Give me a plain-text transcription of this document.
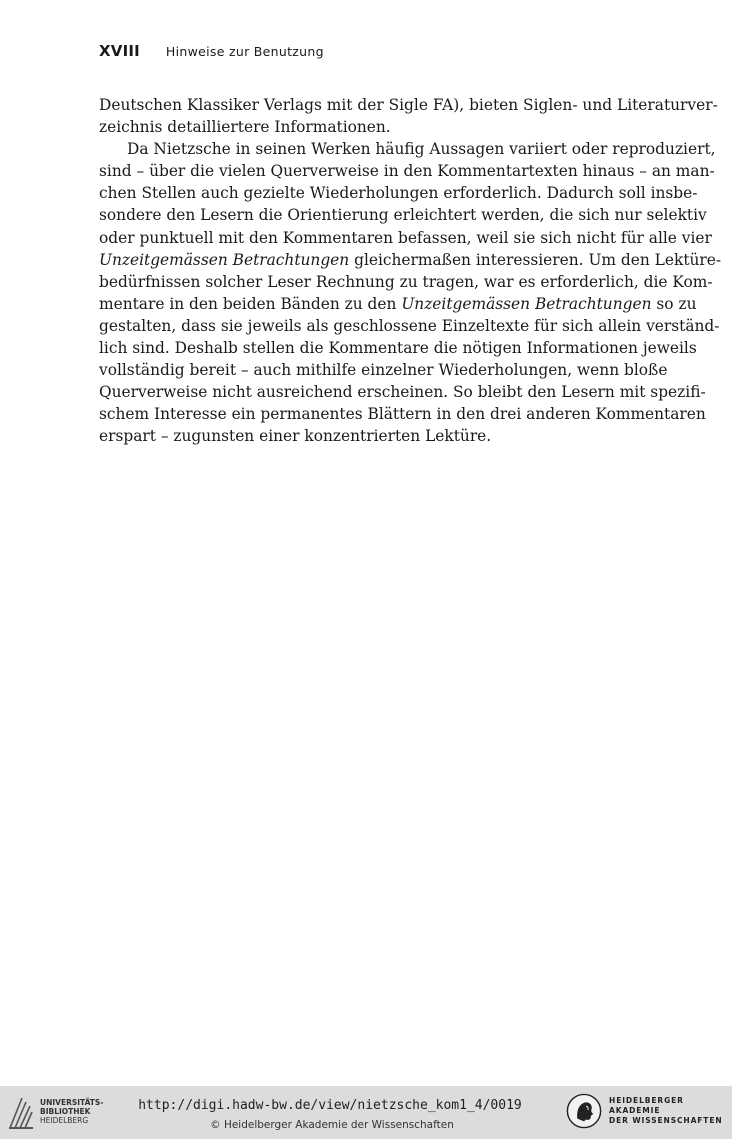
XVIII Hinweise zur Benutzung
Deutschen Klassiker Verlags mit der Sigle FA), bieten Siglen- und Literaturver-
zeichnis detailliertere Informationen.
Da Nietzsche in seinen Werken häufig Aussagen variiert oder reproduziert,
sind – über die vielen Querverweise in den Kommentartexten hinaus – an man-
chen Stellen auch gezielte Wiederholungen erforderlich. Dadurch soll insbe-
sondere den Lesern die Orientierung erleichtert werden, die sich nur selektiv
oder punktuell mit den Kommentaren befassen, weil sie sich nicht für alle vier
Unzeitgemässen Betrachtungen gleichermaßen interessieren. Um den Lektüre-
bedürfnissen solcher Leser Rechnung zu tragen, war es erforderlich, die Kom-
mentare in den beiden Bänden zu den Unzeitgemässen Betrachtungen so zu
gestalten, dass sie jeweils als geschlossene Einzeltexte für sich allein verständ-
lich sind. Deshalb stellen die Kommentare die nötigen Informationen jeweils
vollständig bereit – auch mithilfe einzelner Wiederholungen, wenn bloße
Querverweise nicht ausreichend erscheinen. So bleibt den Lesern mit spezifi-
schem Interesse ein permanentes Blättern in den drei anderen Kommentaren
erspart – zugunsten einer konzentrierten Lektüre.
UNIVERSITÄTS-
BIBLIOTHEK
HEIDELBERG
http://digi.hadw-bw.de/view/nietzsche_kom1_4/0019
© Heidelberger Akademie der Wissenschaften
HEIDELBERGER AKADEMIE
DER WISSENSCHAFTEN
